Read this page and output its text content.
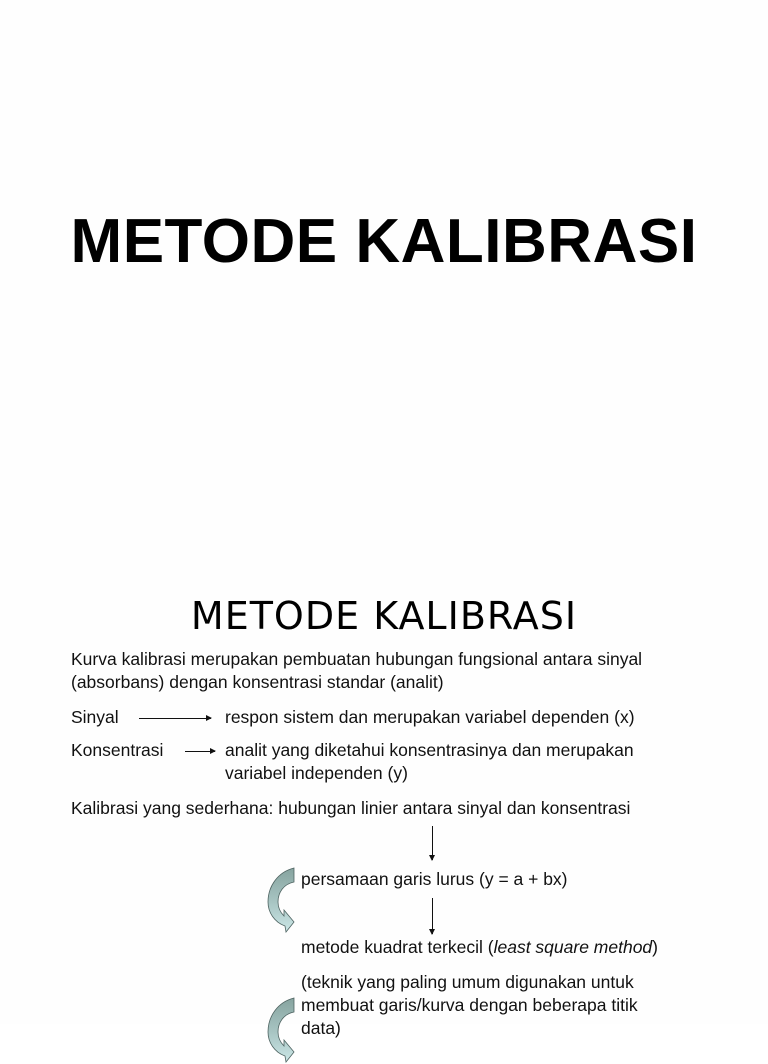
METODE KALIBRASI
METODE KALIBRASI
Kurva kalibrasi merupakan pembuatan hubungan fungsional antara sinyal
(absorbans) dengan konsentrasi standar (analit)
Sinyal	respon sistem dan merupakan variabel dependen (x)
Konsentrasi	analit yang diketahui konsentrasinya dan merupakan
variabel independen (y)
Kalibrasi yang sederhana: hubungan linier antara sinyal dan konsentrasi
persamaan garis lurus (y = a + bx)
metode kuadrat terkecil (least square method)
(teknik yang paling umum digunakan untuk
membuat garis/kurva dengan beberapa titik
data)
